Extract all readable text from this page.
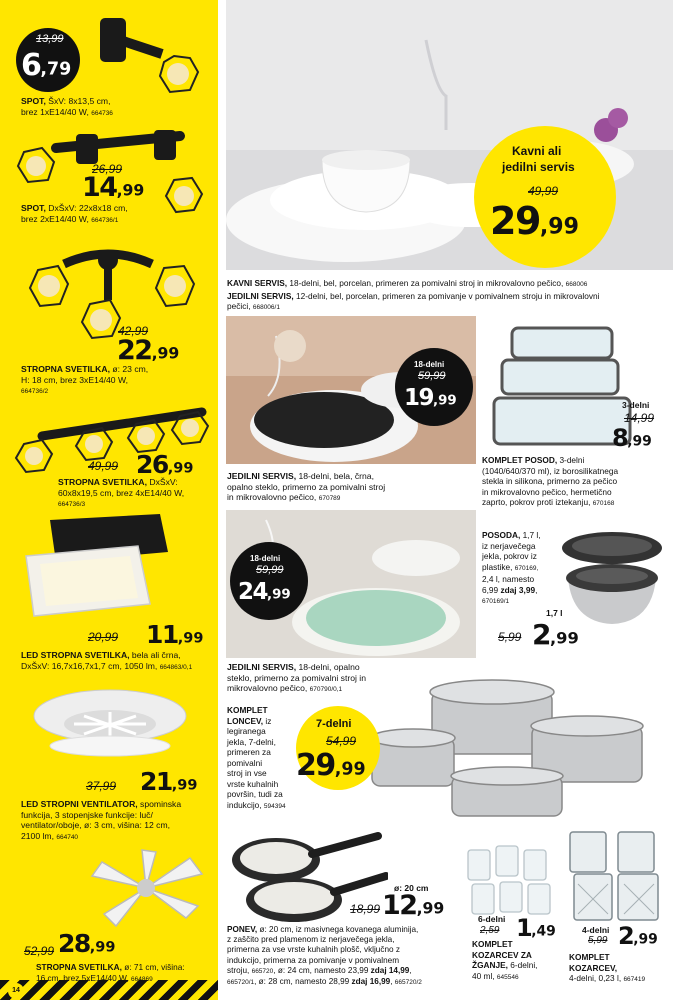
14
13,99
6,79
SPOT, ŠxV: 8x13,5 cm,
brez 1xE14/40 W, 664736
26,99
14,99
SPOT, DxŠxV: 22x8x18 cm,
brez 2xE14/40 W, 664736/1
42,99
22,99
STROPNA SVETILKA, ø: 23 cm,
H: 18 cm, brez 3xE14/40 W,
664736/2
49,99 26,99
STROPNA SVETILKA, DxŠxV:
60x8x19,5 cm, brez 4xE14/40 W,
664736/3
20,99 11,99
LED STROPNA SVETILKA, bela ali črna,
DxŠxV: 16,7x16,7x1,7 cm, 1050 lm, 664863/0,1
37,99 21,99
LED STROPNI VENTILATOR, spominska
funkcija, 3 stopenjske funkcije: luč/
ventilator/oboje, ø: 3 cm, višina: 12 cm,
2100 lm, 664740
52,99 28,99
STROPNA SVETILKA, ø: 71 cm, višina:
16 cm, brez 5xE14/40 W, 664869
Kavni ali
jedilni servis
49,99
29,99
KAVNI SERVIS, 18-delni, bel, porcelan, primeren za pomivalni stroj in mikrovalovno pečico, 668006
JEDILNI SERVIS, 12-delni, bel, porcelan, primeren za pomivanje v pomivalnem stroju in mikrovalovni
pečici, 668006/1
18-delni
59,99
19,99
JEDILNI SERVIS, 18-delni, bela, črna,
opalno steklo, primerno za pomivalni stroj
in mikrovalovno pečico, 670789
3-delni
14,99
8,99
KOMPLET POSOD, 3-delni
(1040/640/370 ml), iz borosilikatnega
stekla in silikona, primerno za pečico
in mikrovalovno pečico, hermetično
zaprto, pokrov proti iztekanju, 670168
18-delni
59,99
24,99
JEDILNI SERVIS, 18-delni, opalno
steklo, primerno za pomivalni stroj in
mikrovalovno pečico, 670790/0,1
POSODA, 1,7 l,
iz nerjavečega
jekla, pokrov iz
plastike, 670169,
2,4 l, namesto
6,99 zdaj 3,99,
670169/1
1,7 l
5,99 2,99
KOMPLET
LONCEV, iz
legiranega
jekla, 7-delni,
primeren za
pomivalni
stroj in vse
vrste kuhalnih
površin, tudi za
indukcijo, 594394
7-delni
54,99
29,99
ø: 20 cm
18,99 12,99
PONEV, ø: 20 cm, iz masivnega kovanega aluminija,
z zaščito pred plamenom iz nerjavečega jekla,
primerna za vse vrste kuhalnih plošč, vključno z
indukcijo, primerna za pomivanje v pomivalnem
stroju, 665720, ø: 24 cm, namesto 23,99 zdaj 14,99,
665720/1, ø: 28 cm, namesto 28,99 zdaj 16,99, 665720/2
6-delni
2,59 1,49
KOMPLET
KOZARCEV ZA
ŽGANJE, 6-delni,
40 ml, 645546
4-delni
5,99 2,99
KOMPLET
KOZARCEV,
4-delni, 0,23 l, 667419
